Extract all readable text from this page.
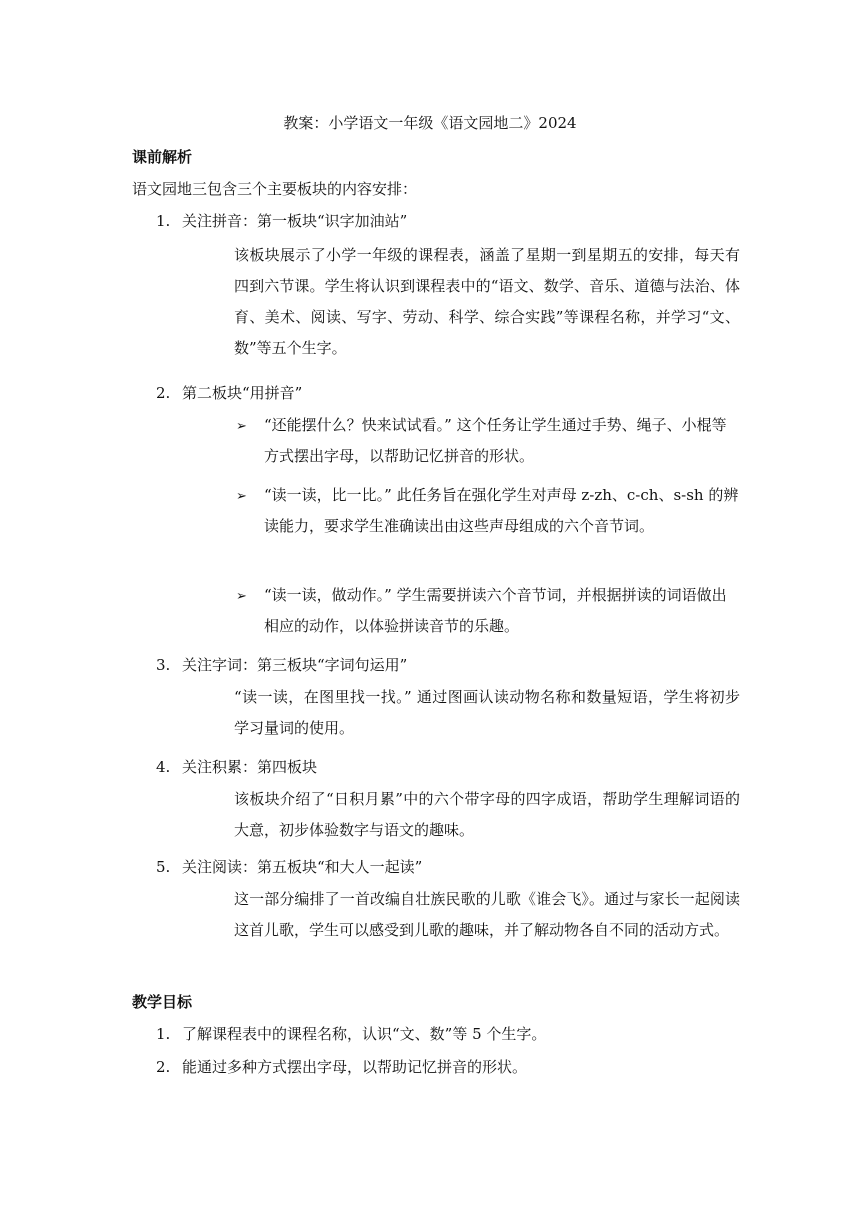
教案：小学语文一年级《语文园地二》2024
课前解析
语文园地三包含三个主要板块的内容安排：
1. 关注拼音：第一板块“识字加油站”
该板块展示了小学一年级的课程表，涵盖了星期一到星期五的安排，每天有四到六节课。学生将认识到课程表中的“语文、数学、音乐、道德与法治、体育、美术、阅读、写字、劳动、科学、综合实践”等课程名称，并学习“文、数”等五个生字。
2. 第二板块“用拼音”
➢ “还能摆什么？快来试试看。” 这个任务让学生通过手势、绳子、小棍等方式摆出字母，以帮助记忆拼音的形状。
➢ “读一读，比一比。” 此任务旨在强化学生对声母 z-zh、c-ch、s-sh 的辨读能力，要求学生准确读出由这些声母组成的六个音节词。
➢ “读一读，做动作。” 学生需要拼读六个音节词，并根据拼读的词语做出相应的动作，以体验拼读音节的乐趣。
3. 关注字词：第三板块“字词句运用”
“读一读，在图里找一找。” 通过图画认读动物名称和数量短语，学生将初步学习量词的使用。
4. 关注积累：第四板块
该板块介绍了“日积月累”中的六个带字母的四字成语，帮助学生理解词语的大意，初步体验数字与语文的趣味。
5. 关注阅读：第五板块“和大人一起读”
这一部分编排了一首改编自壮族民歌的儿歌《谁会飞》。通过与家长一起阅读这首儿歌，学生可以感受到儿歌的趣味，并了解动物各自不同的活动方式。
教学目标
1. 了解课程表中的课程名称，认识“文、数”等 5 个生字。
2. 能通过多种方式摆出字母，以帮助记忆拼音的形状。
